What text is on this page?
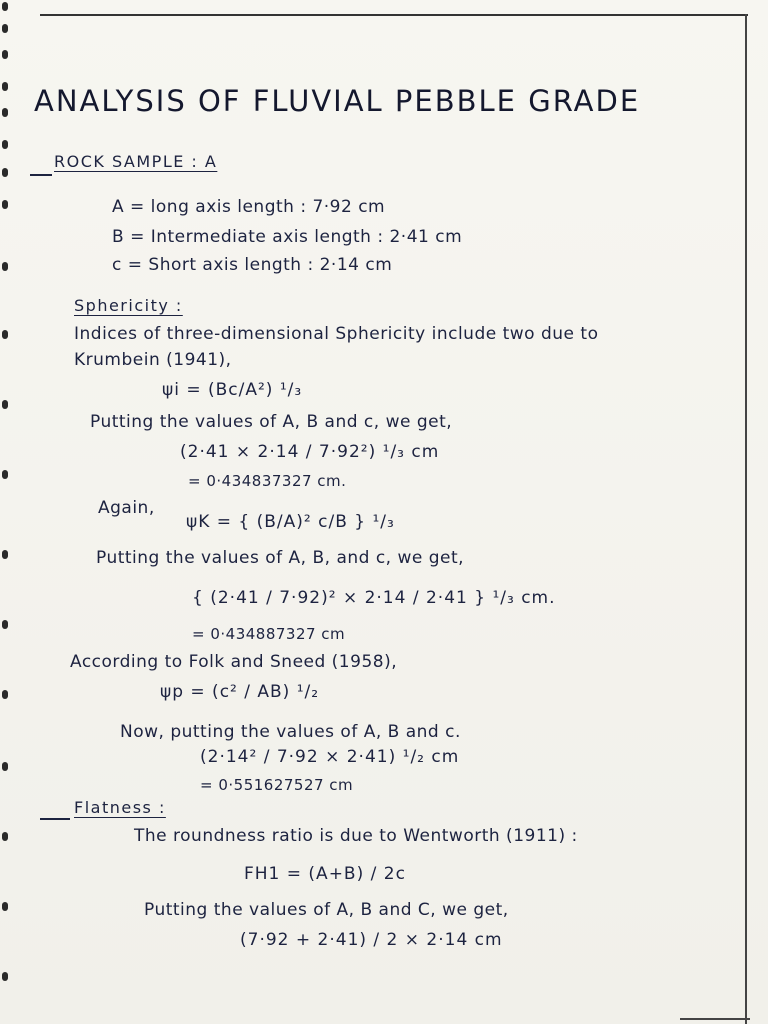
ANALYSIS OF FLUVIAL PEBBLE GRADE
ROCK SAMPLE : A
A = long axis length : 7·92 cm
B = Intermediate axis length : 2·41 cm
c = Short axis length : 2·14 cm
Sphericity :
Indices of three-dimensional Sphericity include two due to
Krumbein (1941),
ψi = (Bc/A²) ¹/₃
Putting the values of A, B and c, we get,
(2·41 × 2·14 / 7·92²) ¹/₃ cm
= 0·434837327 cm.
Again,
ψK = { (B/A)² c/B } ¹/₃
Putting the values of A, B, and c, we get,
{ (2·41 / 7·92)² × 2·14 / 2·41 } ¹/₃ cm.
= 0·434887327 cm
According to Folk and Sneed (1958),
ψp = (c² / AB) ¹/₂
Now, putting the values of A, B and c.
(2·14² / 7·92 × 2·41) ¹/₂ cm
= 0·551627527 cm
Flatness :
The roundness ratio is due to Wentworth (1911) :
FH1 = (A+B) / 2c
Putting the values of A, B and C, we get,
(7·92 + 2·41) / 2 × 2·14 cm
